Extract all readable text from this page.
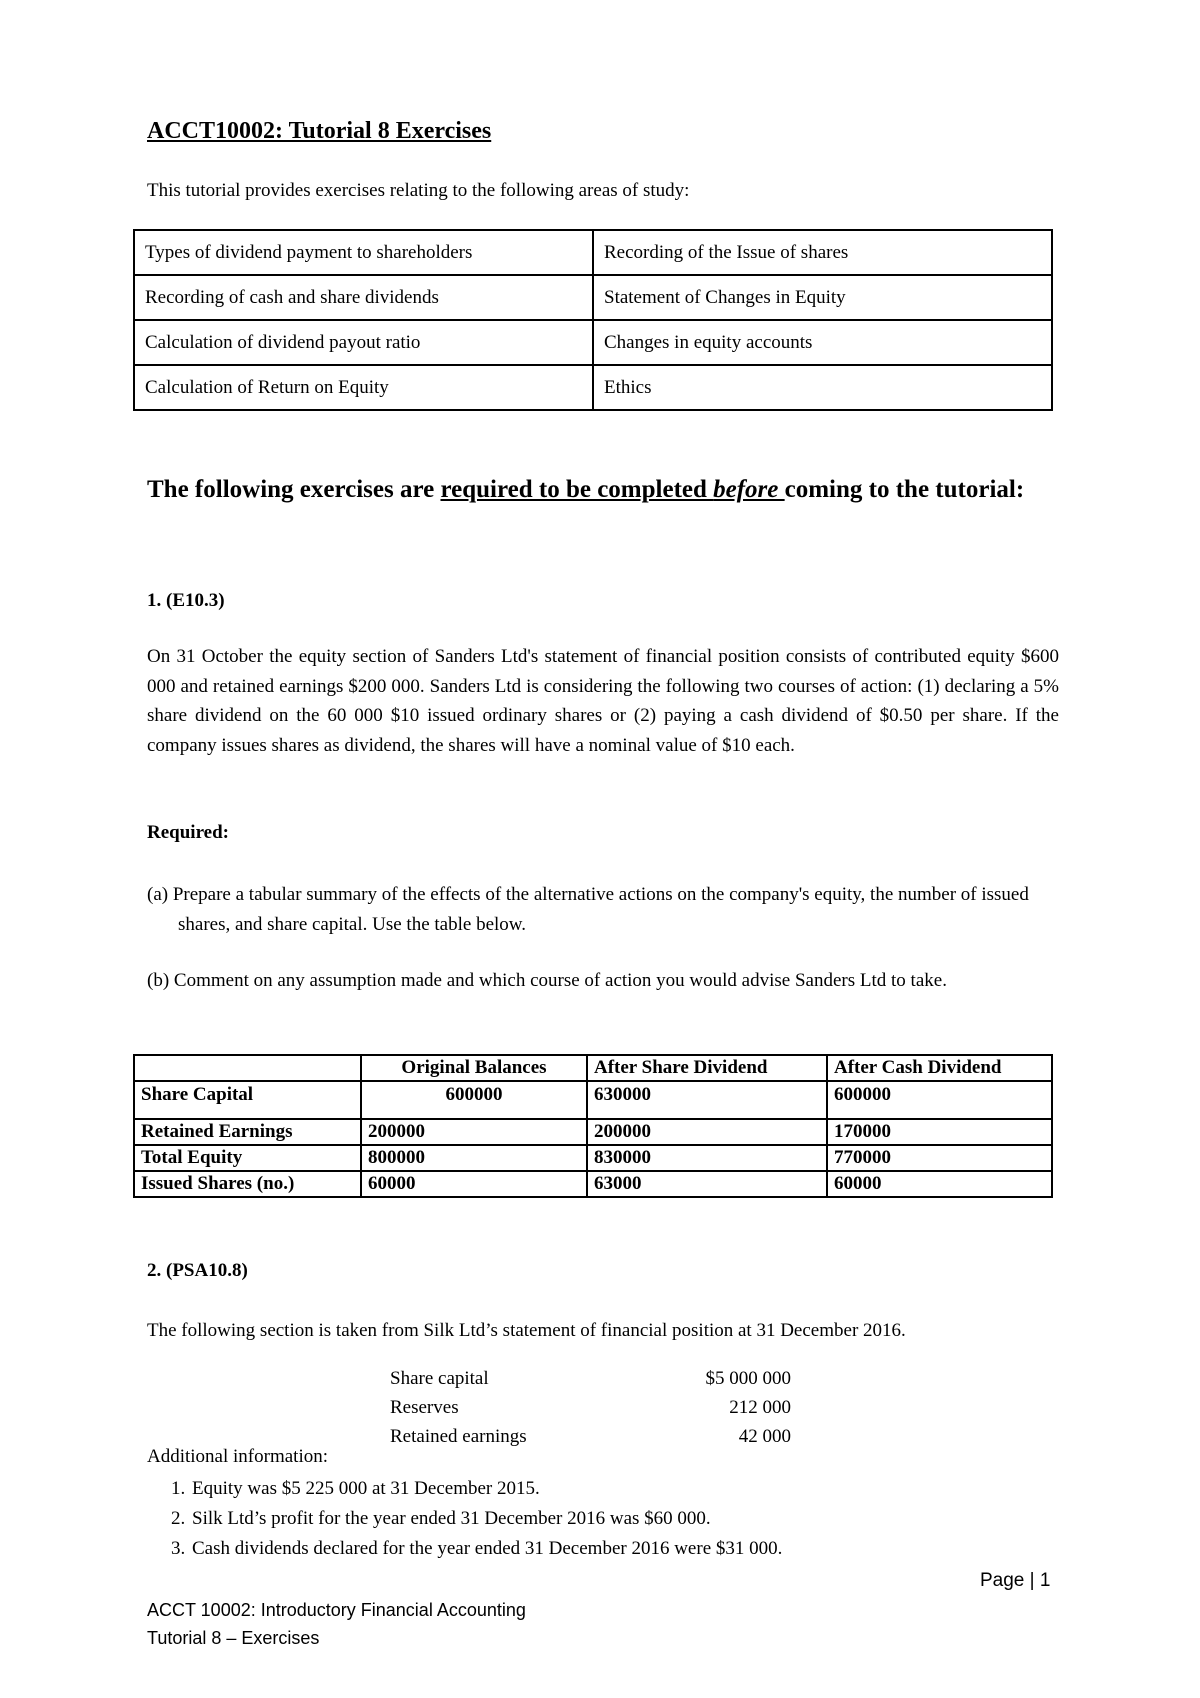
ACCT10002: Tutorial 8 Exercises
This tutorial provides exercises relating to the following areas of study:
Types of dividend payment to shareholders	Recording of the Issue of shares
Recording of cash and share dividends	Statement of Changes in Equity
Calculation of dividend payout ratio	Changes in equity accounts
Calculation of Return on Equity	Ethics
The following exercises are required to be completed before coming to the tutorial:
1. (E10.3)
On 31 October the equity section of Sanders Ltd's statement of financial position consists of contributed equity $600 000 and retained earnings $200 000. Sanders Ltd is considering the following two courses of action: (1) declaring a 5% share dividend on the 60 000 $10 issued ordinary shares or (2) paying a cash dividend of $0.50 per share. If the company issues shares as dividend, the shares will have a nominal value of $10 each.
Required:
(a) Prepare a tabular summary of the effects of the alternative actions on the company's equity, the number of issued shares, and share capital. Use the table below.
(b) Comment on any assumption made and which course of action you would advise Sanders Ltd to take.
	Original Balances	After Share Dividend	After Cash Dividend
Share Capital	600000	630000	600000
Retained Earnings	200000	200000	170000
Total Equity	800000	830000	770000
Issued Shares (no.)	60000	63000	60000
2. (PSA10.8)
The following section is taken from Silk Ltd’s statement of financial position at 31 December 2016.
Share capital	$5 000 000
Reserves	212 000
Retained earnings	42 000
Additional information:
1. Equity was $5 225 000 at 31 December 2015.
2. Silk Ltd’s profit for the year ended 31 December 2016 was $60 000.
3. Cash dividends declared for the year ended 31 December 2016 were $31 000.
Page | 1
ACCT 10002: Introductory Financial Accounting
Tutorial 8 – Exercises
